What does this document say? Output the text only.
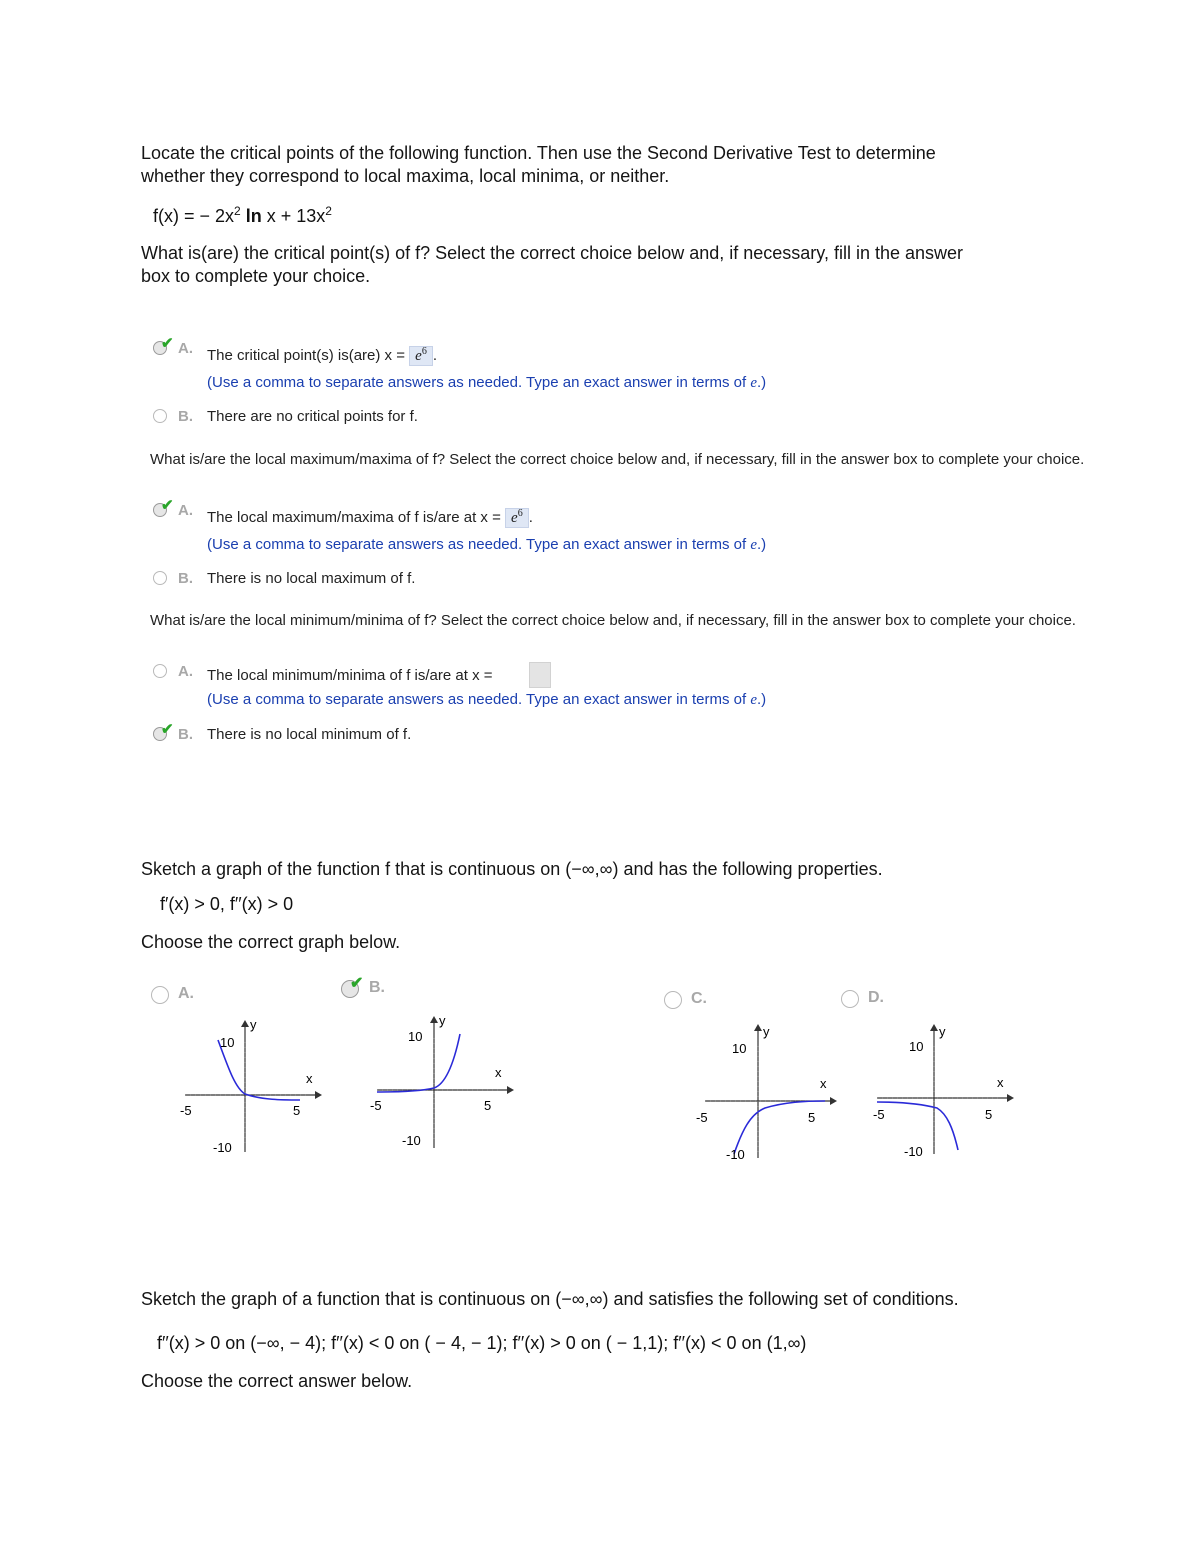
Locate the critical points of the following function. Then use the Second Derivative Test to determine
whether they correspond to local maxima, local minima, or neither.
f(x) = − $2x^2$ $\ln x + 13x^2$
What is(are) the critical point(s) of f? Select the correct choice below and, if necessary, fill in the answer
box to complete your choice.
✔ A. The critical point(s) is(are) $x = e^6$ .
(Use a comma to separate answers as needed. Type an exact answer in terms of e.)
B. There are no critical points for f.
What is/are the local maximum/maxima of f? Select the correct choice below and, if necessary, fill in the answer box to complete your choice.
✔ A. The local maximum/maxima of f is/are at $x = e^6$ .
(Use a comma to separate answers as needed. Type an exact answer in terms of e.)
B. There is no local maximum of f.
What is/are the local minimum/minima of f? Select the correct choice below and, if necessary, fill in the answer box to complete your choice.
A. The local minimum/minima of f is/are at x =
(Use a comma to separate answers as needed. Type an exact answer in terms of e.)
✔ B. There is no local minimum of f.
Sketch a graph of the function f that is continuous on (−∞,∞) and has the following properties.
f′(x) > 0, f′′(x) > 0
Choose the correct graph below.
A.
✔ B.
C.	D.
y
x
10
-10
-5	5
y
x
10
-10
-5	5
y
x
10
-10
-5	5
y
x
10
-10
-5	5
Sketch the graph of a function that is continuous on (−∞,∞) and satisfies the following set of conditions.
f′′(x) > 0 on (−∞, − 4); f′′(x) < 0 on ( − 4, − 1); f′′(x) > 0 on ( − 1,1); f′′(x) < 0 on (1,∞)
Choose the correct answer below.
